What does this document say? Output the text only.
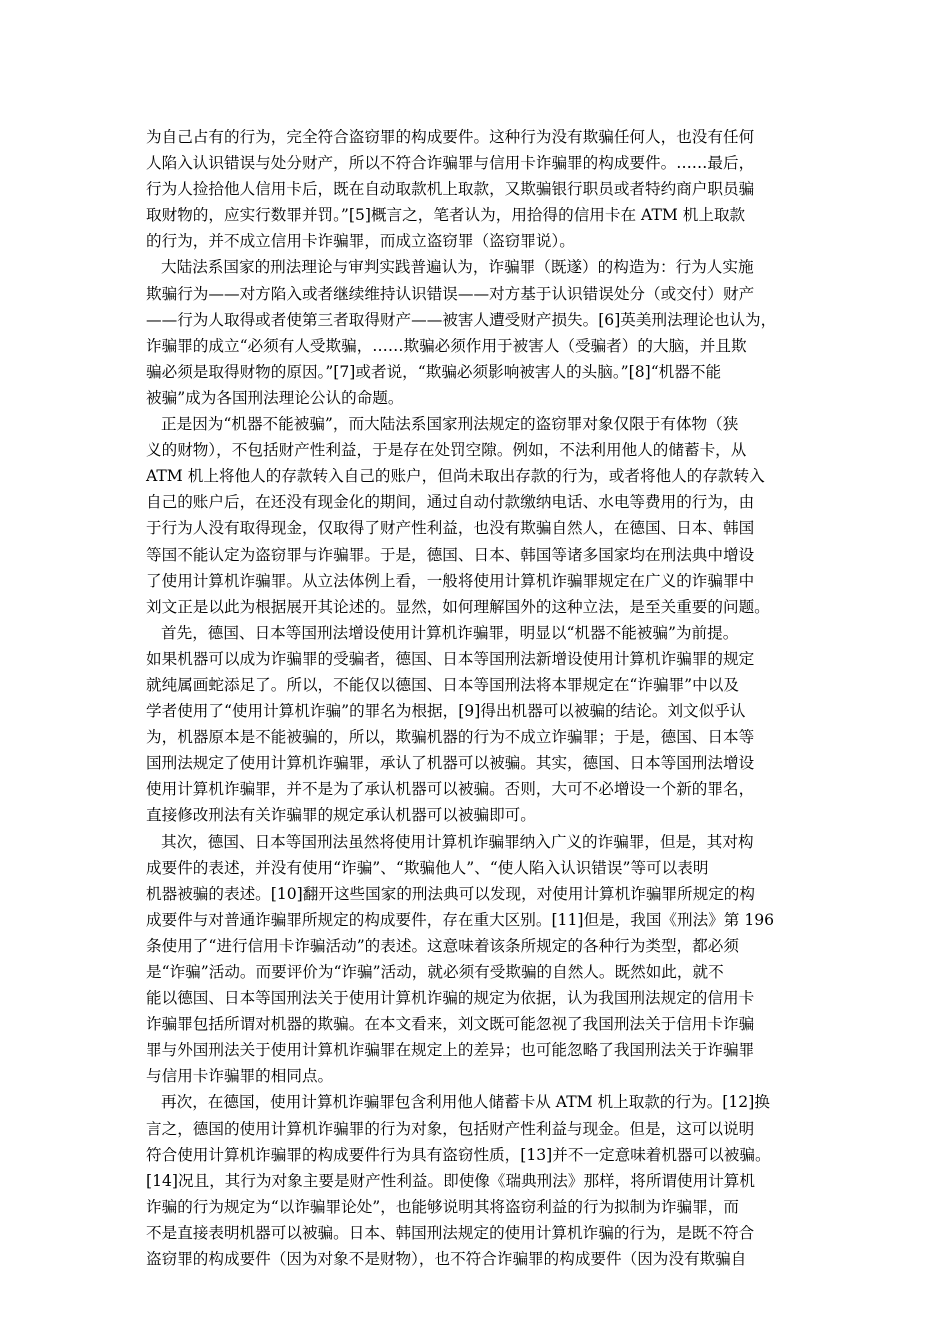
为自己占有的行为，完全符合盗窃罪的构成要件。这种行为没有欺骗任何人，也没有任何
人陷入认识错误与处分财产，所以不符合诈骗罪与信用卡诈骗罪的构成要件。……最后，
行为人捡拾他人信用卡后，既在自动取款机上取款，又欺骗银行职员或者特约商户职员骗
取财物的，应实行数罪并罚。”[5]概言之，笔者认为，用拾得的信用卡在 ATM 机上取款
的行为，并不成立信用卡诈骗罪，而成立盗窃罪（盗窃罪说）。

大陆法系国家的刑法理论与审判实践普遍认为，诈骗罪（既遂）的构造为：行为人实施
欺骗行为——对方陷入或者继续维持认识错误——对方基于认识错误处分（或交付）财产
——行为人取得或者使第三者取得财产——被害人遭受财产损失。[6]英美刑法理论也认为，
诈骗罪的成立“必须有人受欺骗，……欺骗必须作用于被害人（受骗者）的大脑，并且欺
骗必须是取得财物的原因。”[7]或者说，“欺骗必须影响被害人的头脑。”[8]“机器不能
被骗”成为各国刑法理论公认的命题。

正是因为“机器不能被骗”，而大陆法系国家刑法规定的盗窃罪对象仅限于有体物（狭
义的财物），不包括财产性利益，于是存在处罚空隙。例如，不法利用他人的储蓄卡，从
ATM 机上将他人的存款转入自己的账户，但尚未取出存款的行为，或者将他人的存款转入
自己的账户后，在还没有现金化的期间，通过自动付款缴纳电话、水电等费用的行为，由
于行为人没有取得现金，仅取得了财产性利益，也没有欺骗自然人，在德国、日本、韩国
等国不能认定为盗窃罪与诈骗罪。于是，德国、日本、韩国等诸多国家均在刑法典中增设
了使用计算机诈骗罪。从立法体例上看，一般将使用计算机诈骗罪规定在广义的诈骗罪中
刘文正是以此为根据展开其论述的。显然，如何理解国外的这种立法，是至关重要的问题。

首先，德国、日本等国刑法增设使用计算机诈骗罪，明显以“机器不能被骗”为前提。
如果机器可以成为诈骗罪的受骗者，德国、日本等国刑法新增设使用计算机诈骗罪的规定
就纯属画蛇添足了。所以，不能仅以德国、日本等国刑法将本罪规定在“诈骗罪”中以及
学者使用了“使用计算机诈骗”的罪名为根据，[9]得出机器可以被骗的结论。刘文似乎认
为，机器原本是不能被骗的，所以，欺骗机器的行为不成立诈骗罪；于是，德国、日本等
国刑法规定了使用计算机诈骗罪，承认了机器可以被骗。其实，德国、日本等国刑法增设
使用计算机诈骗罪，并不是为了承认机器可以被骗。否则，大可不必增设一个新的罪名，
直接修改刑法有关诈骗罪的规定承认机器可以被骗即可。

其次，德国、日本等国刑法虽然将使用计算机诈骗罪纳入广义的诈骗罪，但是，其对构
成要件的表述，并没有使用“诈骗”、“欺骗他人”、“使人陷入认识错误”等可以表明
机器被骗的表述。[10]翻开这些国家的刑法典可以发现，对使用计算机诈骗罪所规定的构
成要件与对普通诈骗罪所规定的构成要件，存在重大区别。[11]但是，我国《刑法》第 196
条使用了“进行信用卡诈骗活动”的表述。这意味着该条所规定的各种行为类型，都必须
是“诈骗”活动。而要评价为“诈骗”活动，就必须有受欺骗的自然人。既然如此，就不
能以德国、日本等国刑法关于使用计算机诈骗的规定为依据，认为我国刑法规定的信用卡
诈骗罪包括所谓对机器的欺骗。在本文看来，刘文既可能忽视了我国刑法关于信用卡诈骗
罪与外国刑法关于使用计算机诈骗罪在规定上的差异；也可能忽略了我国刑法关于诈骗罪
与信用卡诈骗罪的相同点。

再次，在德国，使用计算机诈骗罪包含利用他人储蓄卡从 ATM 机上取款的行为。[12]换
言之，德国的使用计算机诈骗罪的行为对象，包括财产性利益与现金。但是，这可以说明
符合使用计算机诈骗罪的构成要件行为具有盗窃性质，[13]并不一定意味着机器可以被骗。
[14]况且，其行为对象主要是财产性利益。即使像《瑞典刑法》那样，将所谓使用计算机
诈骗的行为规定为“以诈骗罪论处”，也能够说明其将盗窃利益的行为拟制为诈骗罪，而
不是直接表明机器可以被骗。日本、韩国刑法规定的使用计算机诈骗的行为，是既不符合
盗窃罪的构成要件（因为对象不是财物），也不符合诈骗罪的构成要件（因为没有欺骗自
